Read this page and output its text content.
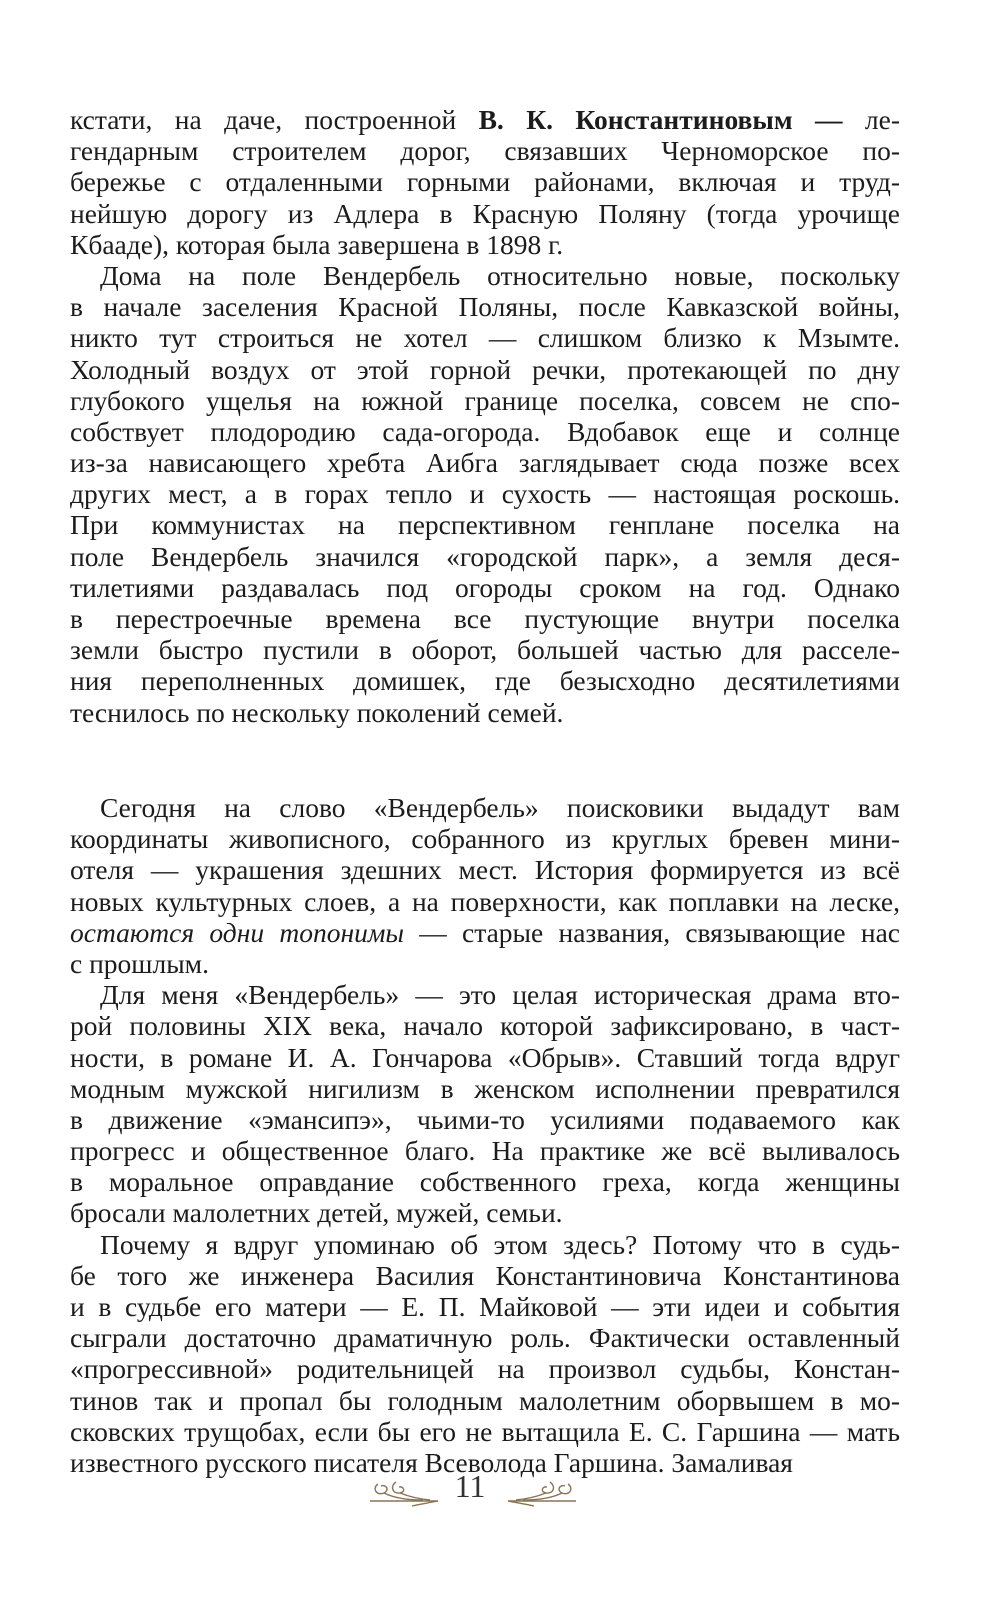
кстати, на даче, построенной В. К. Константиновым — ле-
гендарным строителем дорог, связавших Черноморское по-
бережье с отдаленными горными районами, включая и труд-
нейшую дорогу из Адлера в Красную Поляну (тогда урочище
Кбааде), которая была завершена в 1898 г.
Дома на поле Вендербель относительно новые, поскольку
в начале заселения Красной Поляны, после Кавказской войны,
никто тут строиться не хотел — слишком близко к Мзымте.
Холодный воздух от этой горной речки, протекающей по дну
глубокого ущелья на южной границе поселка, совсем не спо-
собствует плодородию сада-огорода. Вдобавок еще и солнце
из-за нависающего хребта Аибга заглядывает сюда позже всех
других мест, а в горах тепло и сухость — настоящая роскошь.
При коммунистах на перспективном генплане поселка на
поле Вендербель значился «городской парк», а земля деся-
тилетиями раздавалась под огороды сроком на год. Однако
в перестроечные времена все пустующие внутри поселка
земли быстро пустили в оборот, большей частью для расселе-
ния переполненных домишек, где безысходно десятилетиями
теснилось по нескольку поколений семей.
Сегодня на слово «Вендербель» поисковики выдадут вам
координаты живописного, собранного из круглых бревен мини-
отеля — украшения здешних мест. История формируется из всё
новых культурных слоев, а на поверхности, как поплавки на леске,
остаются одни топонимы — старые названия, связывающие нас
с прошлым.
Для меня «Вендербель» — это целая историческая драма вто-
рой половины XIX века, начало которой зафиксировано, в част-
ности, в романе И. А. Гончарова «Обрыв». Ставший тогда вдруг
модным мужской нигилизм в женском исполнении превратился
в движение «эмансипэ», чьими-то усилиями подаваемого как
прогресс и общественное благо. На практике же всё выливалось
в моральное оправдание собственного греха, когда женщины
бросали малолетних детей, мужей, семьи.
Почему я вдруг упоминаю об этом здесь? Потому что в судь-
бе того же инженера Василия Константиновича Константинова
и в судьбе его матери — Е. П. Майковой — эти идеи и события
сыграли достаточно драматичную роль. Фактически оставленный
«прогрессивной» родительницей на произвол судьбы, Констан-
тинов так и пропал бы голодным малолетним оборвышем в мо-
сковских трущобах, если бы его не вытащила Е. С. Гаршина — мать
известного русского писателя Всеволода Гаршина. Замаливая
11
